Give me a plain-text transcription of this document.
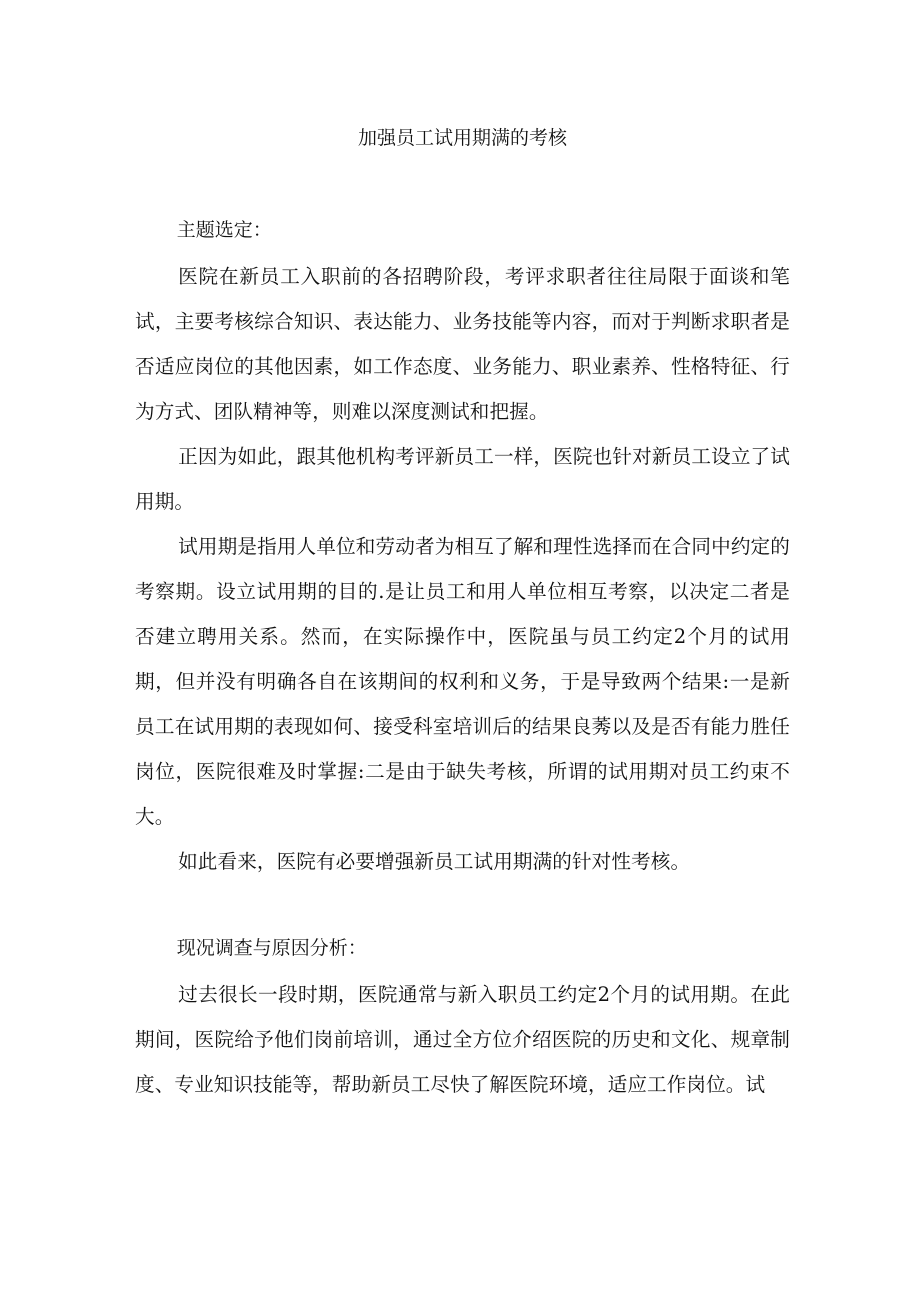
加强员工试用期满的考核

主题选定：

医院在新员工入职前的各招聘阶段，考评求职者往往局限于面谈和笔试，主要考核综合知识、表达能力、业务技能等内容，而对于判断求职者是否适应岗位的其他因素，如工作态度、业务能力、职业素养、性格特征、行为方式、团队精神等，则难以深度测试和把握。

正因为如此，跟其他机构考评新员工一样，医院也针对新员工设立了试用期。

试用期是指用人单位和劳动者为相互了解和理性选择而在合同中约定的考察期。设立试用期的目的.是让员工和用人单位相互考察，以决定二者是否建立聘用关系。然而，在实际操作中，医院虽与员工约定2个月的试用期，但并没有明确各自在该期间的权利和义务，于是导致两个结果:一是新员工在试用期的表现如何、接受科室培训后的结果良莠以及是否有能力胜任岗位，医院很难及时掌握:二是由于缺失考核，所谓的试用期对员工约束不大。

如此看来，医院有必要增强新员工试用期满的针对性考核。

现况调查与原因分析：

过去很长一段时期，医院通常与新入职员工约定2个月的试用期。在此期间，医院给予他们岗前培训，通过全方位介绍医院的历史和文化、规章制度、专业知识技能等，帮助新员工尽快了解医院环境，适应工作岗位。试
